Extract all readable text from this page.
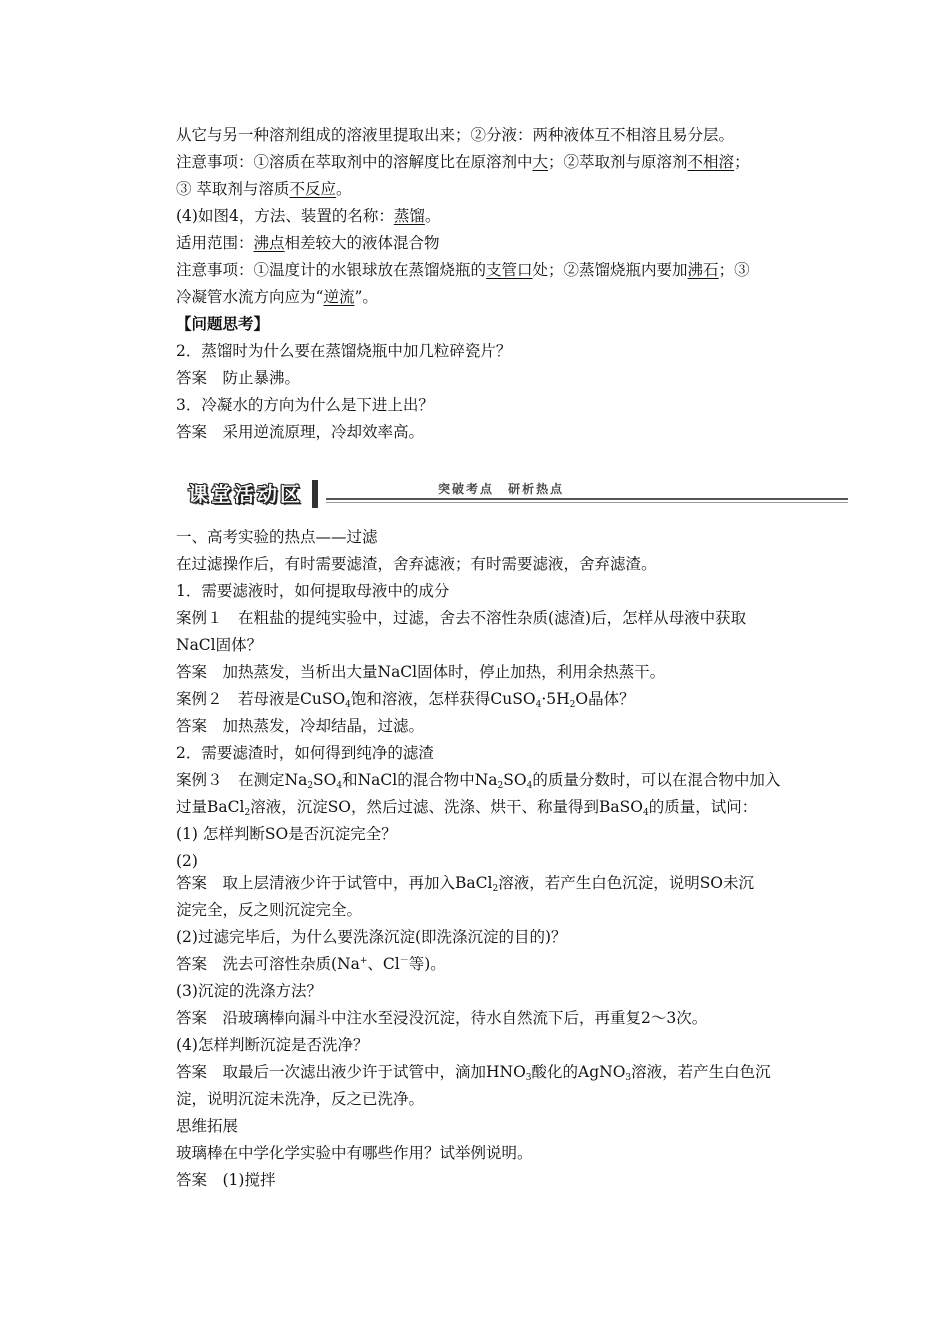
从它与另一种溶剂组成的溶液里提取出来；②分液：两种液体互不相溶且易分层。
注意事项：①溶质在萃取剂中的溶解度比在原溶剂中大；②萃取剂与原溶剂不相溶；
③ 萃取剂与溶质不反应。
(4)如图4，方法、装置的名称：蒸馏。
适用范围：沸点相差较大的液体混合物
注意事项：①温度计的水银球放在蒸馏烧瓶的支管口处；②蒸馏烧瓶内要加沸石；③
冷凝管水流方向应为“逆流”。
【问题思考】
2．蒸馏时为什么要在蒸馏烧瓶中加几粒碎瓷片？
答案　防止暴沸。
3．冷凝水的方向为什么是下进上出？
答案　采用逆流原理，冷却效率高。
课堂活动区	突破考点 研析热点
一、高考实验的热点——过滤
在过滤操作后，有时需要滤渣，舍弃滤液；有时需要滤液，舍弃滤渣。
1．需要滤液时，如何提取母液中的成分
案例１　在粗盐的提纯实验中，过滤，舍去不溶性杂质(滤渣)后，怎样从母液中获取
NaCl固体？
答案　加热蒸发，当析出大量NaCl固体时，停止加热，利用余热蒸干。
案例２　若母液是CuSO$_4$饱和溶液，怎样获得$CuSO_4\cdot 5H_2O$晶体？
答案　加热蒸发，冷却结晶，过滤。
2．需要滤渣时，如何得到纯净的滤渣
案例３　在测定$Na_2SO_4$和NaCl的混合物中$Na_2SO_4$的质量分数时，可以在混合物中加入
过量BaCl$_2$溶液，沉淀SO，然后过滤、洗涤、烘干、称量得到BaSO$_4$的质量，试问：
(1) 怎样判断SO是否沉淀完全？
(2)
答案　取上层清液少许于试管中，再加入BaCl$_2$溶液，若产生白色沉淀，说明SO未沉
淀完全，反之则沉淀完全。
(2)过滤完毕后，为什么要洗涤沉淀(即洗涤沉淀的目的)？
答案　洗去可溶性杂质(Na+、Cl－等)。
(3)沉淀的洗涤方法？
答案　沿玻璃棒向漏斗中注水至浸没沉淀，待水自然流下后，再重复2～3次。
(4)怎样判断沉淀是否洗净？
答案　取最后一次滤出液少许于试管中，滴加$HNO_3$酸化的AgNO$_3$溶液，若产生白色沉
淀，说明沉淀未洗净，反之已洗净。
思维拓展
玻璃棒在中学化学实验中有哪些作用？试举例说明。
答案　(1)搅拌
